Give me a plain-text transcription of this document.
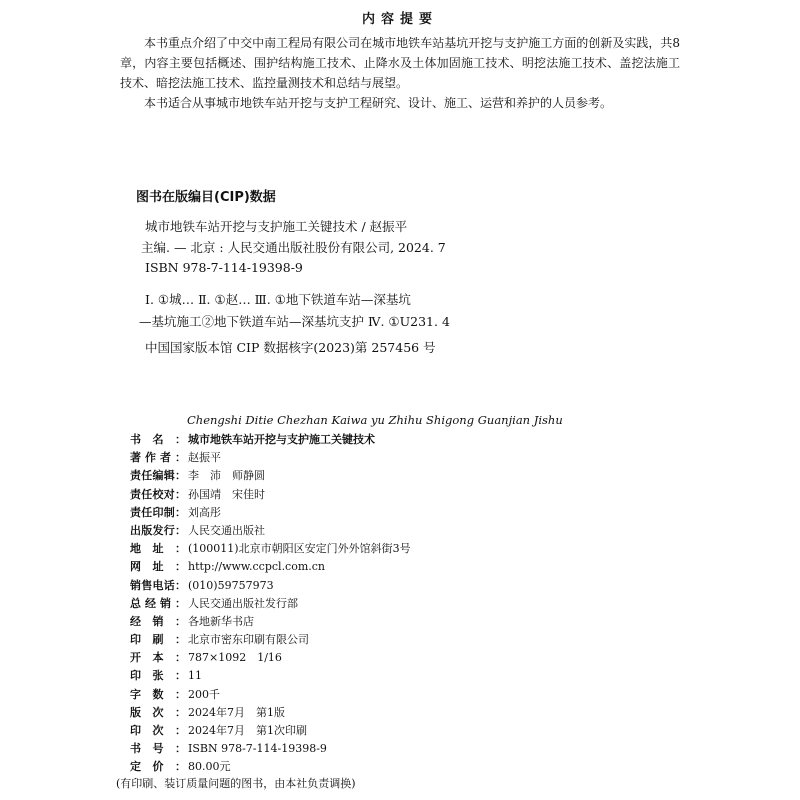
内容提要

本书重点介绍了中交中南工程局有限公司在城市地铁车站基坑开挖与支护施工方面的创新及实践，共8章，内容主要包括概述、围护结构施工技术、止降水及土体加固施工技术、明挖法施工技术、盖挖法施工技术、暗挖法施工技术、监控量测技术和总结与展望。

本书适合从事城市地铁车站开挖与支护工程研究、设计、施工、运营和养护的人员参考。

图书在版编目(CIP)数据

城市地铁车站开挖与支护施工关键技术 / 赵振平

主编. — 北京 : 人民交通出版社股份有限公司, 2024. 7

ISBN 978-7-114-19398-9

Ⅰ. ①城… Ⅱ. ①赵… Ⅲ. ①地下铁道车站—深基坑

—基坑施工②地下铁道车站—深基坑支护 Ⅳ. ①U231. 4

中国国家版本馆 CIP 数据核字(2023)第 257456 号

Chengshi Ditie Chezhan Kaiwa yu Zhihu Shigong Guanjian Jishu
书名： 城市地铁车站开挖与支护施工关键技术
著作者： 赵振平
责任编辑： 李　沛　师静圆
责任校对： 孙国靖　宋佳时
责任印制： 刘高彤
出版发行： 人民交通出版社
地址： (100011)北京市朝阳区安定门外外馆斜街3号
网址： http://www.ccpcl.com.cn
销售电话： (010)59757973
总经销： 人民交通出版社发行部
经销： 各地新华书店
印刷： 北京市密东印刷有限公司
开本： 787×1092　1/16
印张： 11
字数： 200千
版次： 2024年7月　第1版
印次： 2024年7月　第1次印刷
书号： ISBN 978-7-114-19398-9
定价： 80.00元
(有印刷、装订质量问题的图书，由本社负责调换)
